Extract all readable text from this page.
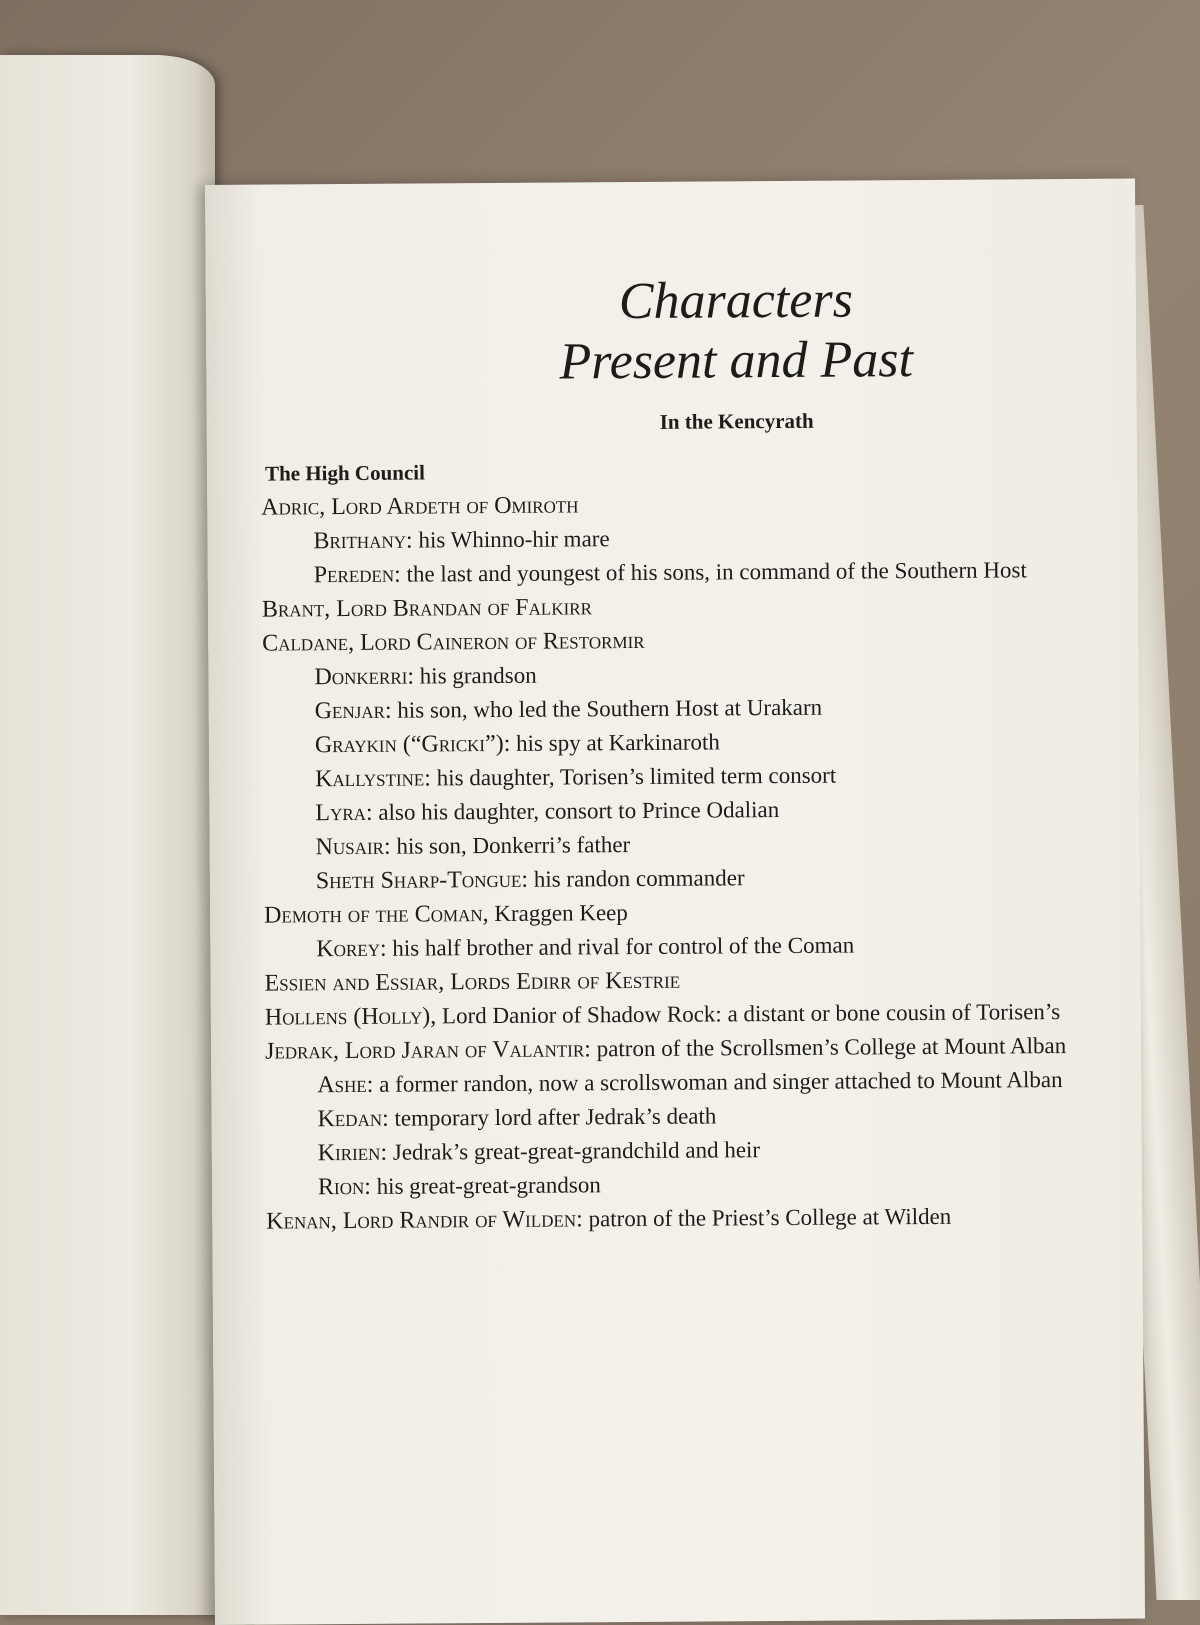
Characters
Present and Past
In the Kencyrath
The High Council
Adric, Lord Ardeth of Omiroth
Brithany: his Whinno-hir mare
Pereden: the last and youngest of his sons, in command of the Southern Host
Brant, Lord Brandan of Falkirr
Caldane, Lord Caineron of Restormir
Donkerri: his grandson
Genjar: his son, who led the Southern Host at Urakarn
Graykin (“Gricki”): his spy at Karkinaroth
Kallystine: his daughter, Torisen’s limited term consort
Lyra: also his daughter, consort to Prince Odalian
Nusair: his son, Donkerri’s father
Sheth Sharp-Tongue: his randon commander
Demoth of the Coman, Kraggen Keep
Korey: his half brother and rival for control of the Coman
Essien and Essiar, Lords Edirr of Kestrie
Hollens (Holly), Lord Danior of Shadow Rock: a distant or bone cousin of Torisen’s
Jedrak, Lord Jaran of Valantir: patron of the Scrollsmen’s College at Mount Alban
Ashe: a former randon, now a scrollswoman and singer attached to Mount Alban
Kedan: temporary lord after Jedrak’s death
Kirien: Jedrak’s great-great-grandchild and heir
Rion: his great-great-grandson
Kenan, Lord Randir of Wilden: patron of the Priest’s College at Wilden
